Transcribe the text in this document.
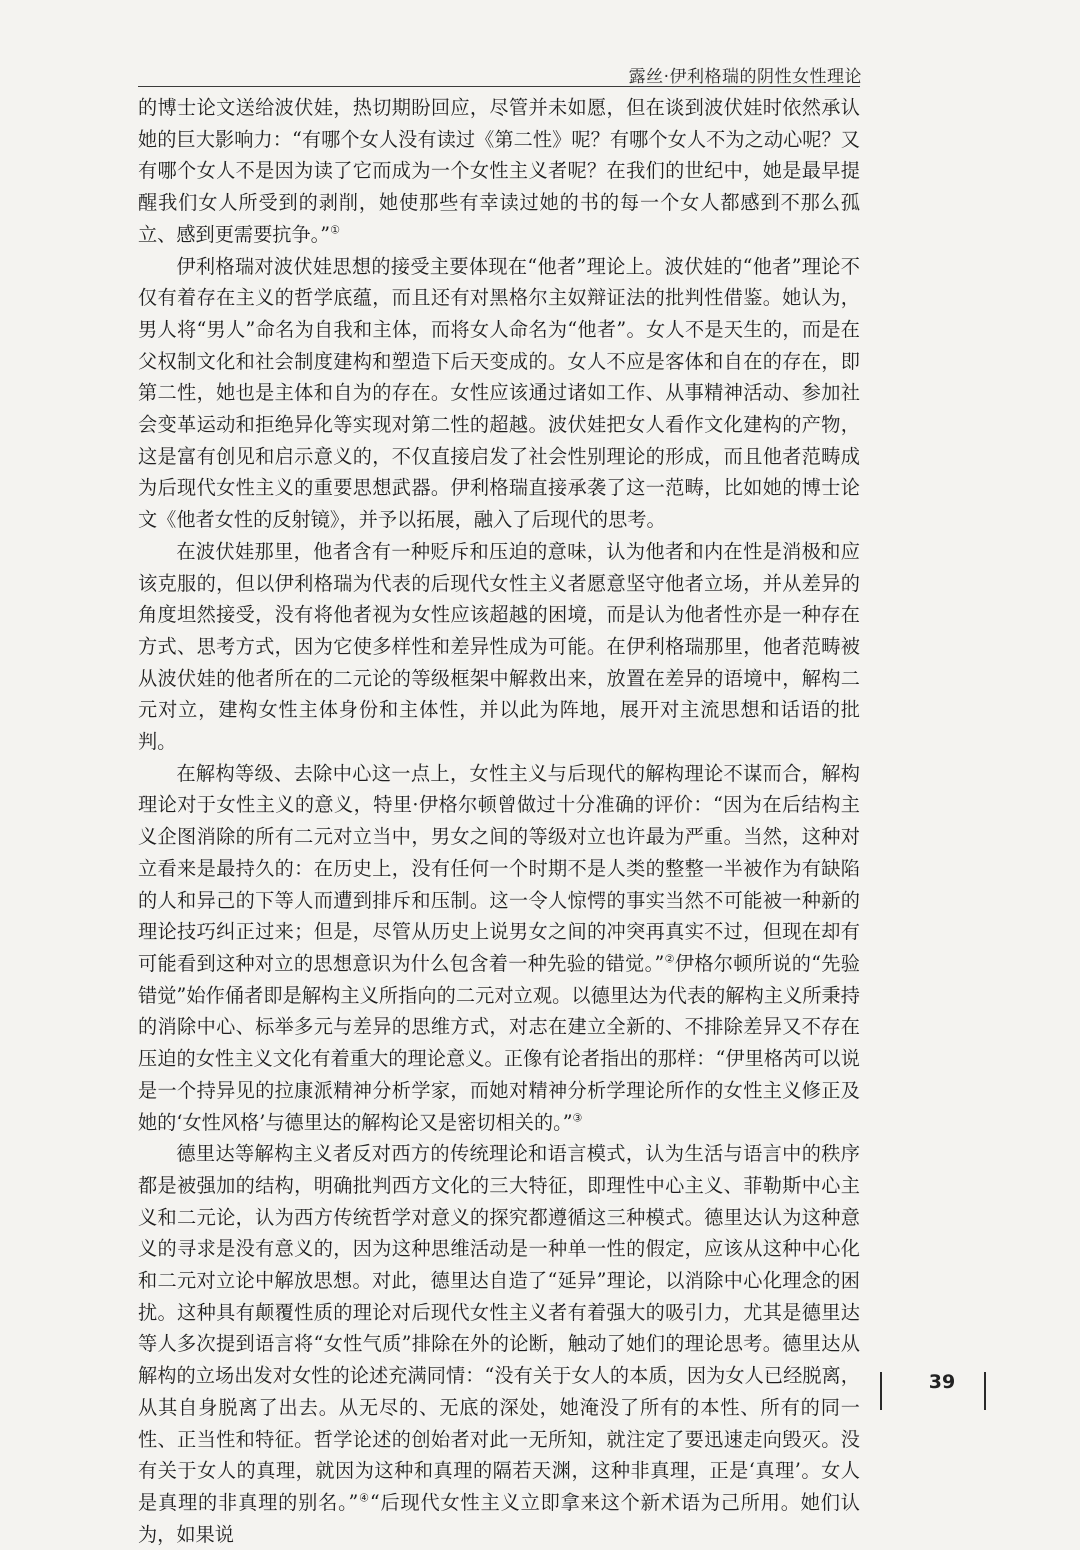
露丝·伊利格瑞的阴性女性理论

的博士论文送给波伏娃，热切期盼回应，尽管并未如愿，但在谈到波伏娃时依然承认她的巨大影响力：“有哪个女人没有读过《第二性》呢？有哪个女人不为之动心呢？又有哪个女人不是因为读了它而成为一个女性主义者呢？在我们的世纪中，她是最早提醒我们女人所受到的剥削，她使那些有幸读过她的书的每一个女人都感到不那么孤立、感到更需要抗争。”①

伊利格瑞对波伏娃思想的接受主要体现在“他者”理论上。波伏娃的“他者”理论不仅有着存在主义的哲学底蕴，而且还有对黑格尔主奴辩证法的批判性借鉴。她认为，男人将“男人”命名为自我和主体，而将女人命名为“他者”。女人不是天生的，而是在父权制文化和社会制度建构和塑造下后天变成的。女人不应是客体和自在的存在，即第二性，她也是主体和自为的存在。女性应该通过诸如工作、从事精神活动、参加社会变革运动和拒绝异化等实现对第二性的超越。波伏娃把女人看作文化建构的产物，这是富有创见和启示意义的，不仅直接启发了社会性别理论的形成，而且他者范畴成为后现代女性主义的重要思想武器。伊利格瑞直接承袭了这一范畴，比如她的博士论文《他者女性的反射镜》，并予以拓展，融入了后现代的思考。

在波伏娃那里，他者含有一种贬斥和压迫的意味，认为他者和内在性是消极和应该克服的，但以伊利格瑞为代表的后现代女性主义者愿意坚守他者立场，并从差异的角度坦然接受，没有将他者视为女性应该超越的困境，而是认为他者性亦是一种存在方式、思考方式，因为它使多样性和差异性成为可能。在伊利格瑞那里，他者范畴被从波伏娃的他者所在的二元论的等级框架中解救出来，放置在差异的语境中，解构二元对立，建构女性主体身份和主体性，并以此为阵地，展开对主流思想和话语的批判。

在解构等级、去除中心这一点上，女性主义与后现代的解构理论不谋而合，解构理论对于女性主义的意义，特里·伊格尔顿曾做过十分准确的评价：“因为在后结构主义企图消除的所有二元对立当中，男女之间的等级对立也许最为严重。当然，这种对立看来是最持久的：在历史上，没有任何一个时期不是人类的整整一半被作为有缺陷的人和异己的下等人而遭到排斥和压制。这一令人惊愕的事实当然不可能被一种新的理论技巧纠正过来；但是，尽管从历史上说男女之间的冲突再真实不过，但现在却有可能看到这种对立的思想意识为什么包含着一种先验的错觉。”②伊格尔顿所说的“先验错觉”始作俑者即是解构主义所指向的二元对立观。以德里达为代表的解构主义所秉持的消除中心、标举多元与差异的思维方式，对志在建立全新的、不排除差异又不存在压迫的女性主义文化有着重大的理论意义。正像有论者指出的那样：“伊里格芮可以说是一个持异见的拉康派精神分析学家，而她对精神分析学理论所作的女性主义修正及她的‘女性风格’与德里达的解构论又是密切相关的。”③

德里达等解构主义者反对西方的传统理论和语言模式，认为生活与语言中的秩序都是被强加的结构，明确批判西方文化的三大特征，即理性中心主义、菲勒斯中心主义和二元论，认为西方传统哲学对意义的探究都遵循这三种模式。德里达认为这种意义的寻求是没有意义的，因为这种思维活动是一种单一性的假定，应该从这种中心化和二元对立论中解放思想。对此，德里达自造了“延异”理论，以消除中心化理念的困扰。这种具有颠覆性质的理论对后现代女性主义者有着强大的吸引力，尤其是德里达等人多次提到语言将“女性气质”排除在外的论断，触动了她们的理论思考。德里达从解构的立场出发对女性的论述充满同情：“没有关于女人的本质，因为女人已经脱离，从其自身脱离了出去。从无尽的、无底的深处，她淹没了所有的本性、所有的同一性、正当性和特征。哲学论述的创始者对此一无所知，就注定了要迅速走向毁灭。没有关于女人的真理，就因为这种和真理的隔若天渊，这种非真理，正是‘真理’。女人是真理的非真理的别名。”④“后现代女性主义立即拿来这个新术语为己所用。她们认为，如果说

39
